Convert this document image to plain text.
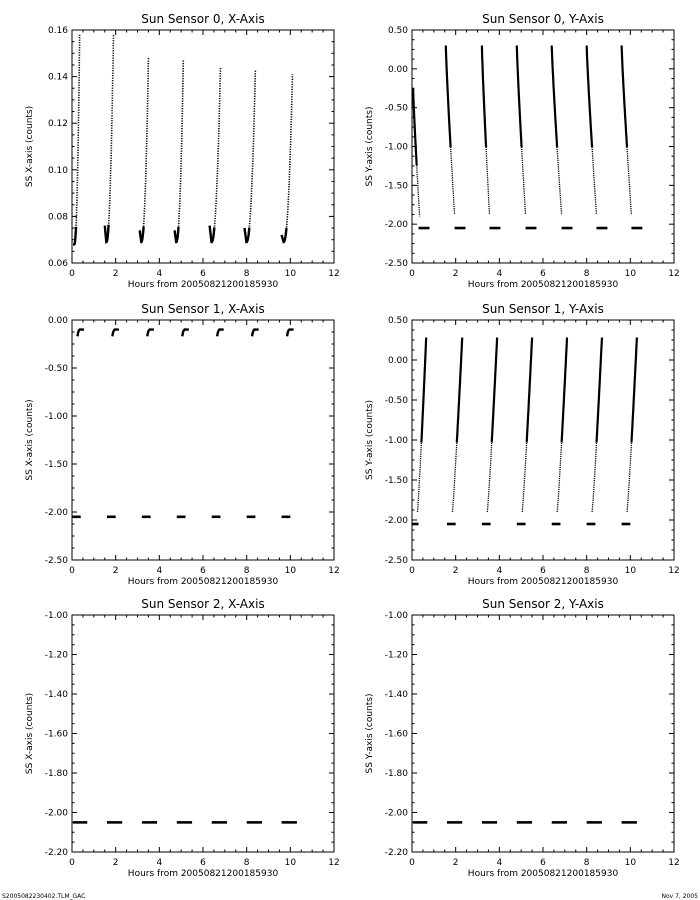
S2005082230402.TLM_GAC	Nov 7, 2005
Sun Sensor 0, X-Axis
0	2	4	6	8	10	12
0.06
0.08
0.10
0.12
0.14
0.16
Hours from 20050821200185930
SS X-axis (counts)
Sun Sensor 0, Y-Axis
0	2	4	6	8	10	12
-2.50
-2.00
-1.50
-1.00
-0.50
0.00
0.50
Hours from 20050821200185930
SS Y-axis (counts)
Sun Sensor 1, X-Axis
0	2	4	6	8	10	12
-2.50
-2.00
-1.50
-1.00
-0.50
0.00
Hours from 20050821200185930
SS X-axis (counts)
Sun Sensor 1, Y-Axis
0	2	4	6	8	10	12
-2.50
-2.00
-1.50
-1.00
-0.50
0.00
0.50
Hours from 20050821200185930
SS Y-axis (counts)
Sun Sensor 2, X-Axis
0	2	4	6	8	10	12
-2.20
-2.00
-1.80
-1.60
-1.40
-1.20
-1.00
Hours from 20050821200185930
SS X-axis (counts)
Sun Sensor 2, Y-Axis
0	2	4	6	8	10	12
-2.20
-2.00
-1.80
-1.60
-1.40
-1.20
-1.00
Hours from 20050821200185930
SS Y-axis (counts)
